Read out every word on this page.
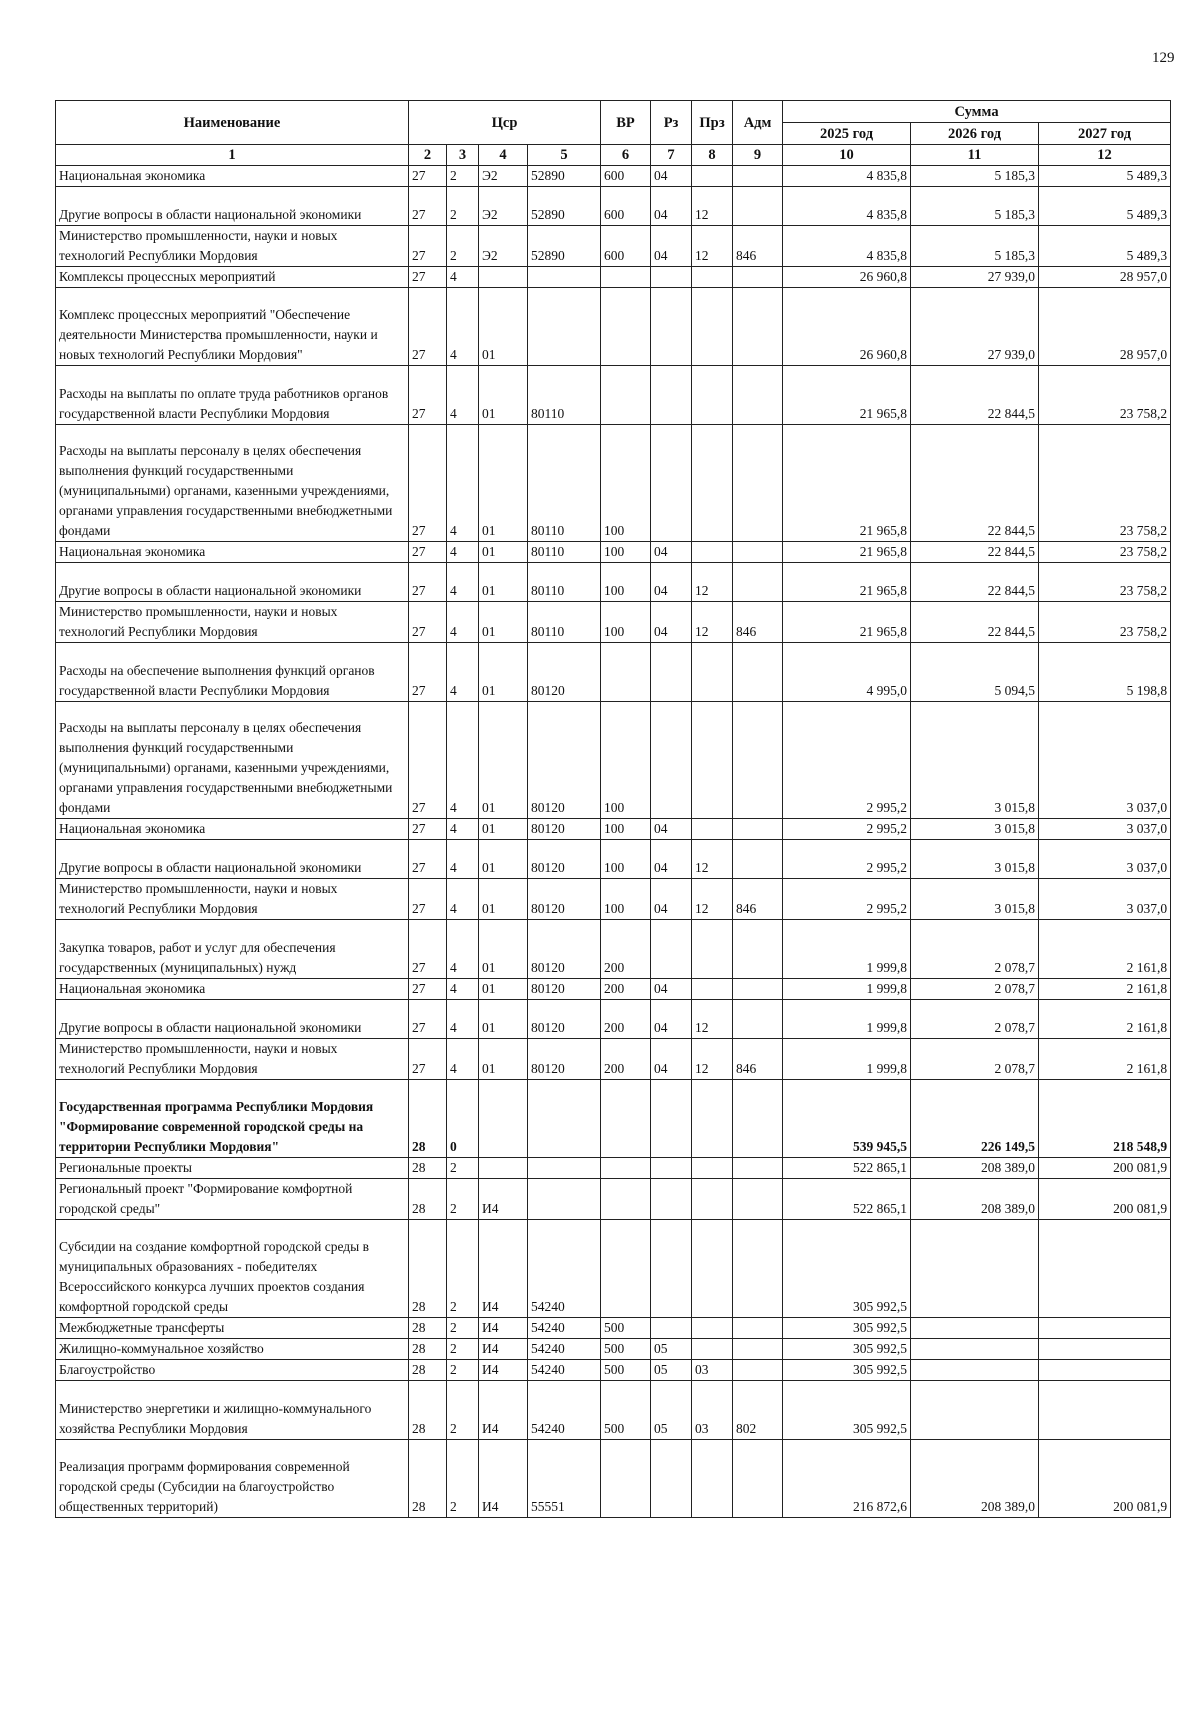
129
Наименование	Цср				ВР	Рз	Прз	Адм	Сумма		
									2025 год	2026 год	2027 год
1	2	3	4	5	6	7	8	9	10	11	12
Национальная экономика	27	2	Э2	52890	600	04			4 835,8	5 185,3	5 489,3
Другие вопросы в области национальной экономики	27	2	Э2	52890	600	04	12		4 835,8	5 185,3	5 489,3
Министерство промышленности, науки и новых технологий Республики Мордовия	27	2	Э2	52890	600	04	12	846	4 835,8	5 185,3	5 489,3
Комплексы процессных мероприятий	27	4							26 960,8	27 939,0	28 957,0
Комплекс процессных мероприятий "Обеспечение деятельности Министерства промышленности, науки и новых технологий Республики Мордовия"	27	4	01						26 960,8	27 939,0	28 957,0
Расходы на выплаты по оплате труда работников органов государственной власти Республики Мордовия	27	4	01	80110					21 965,8	22 844,5	23 758,2
Расходы на выплаты персоналу в целях обеспечения выполнения функций государственными (муниципальными) органами, казенными учреждениями, органами управления государственными внебюджетными фондами	27	4	01	80110	100				21 965,8	22 844,5	23 758,2
Национальная экономика	27	4	01	80110	100	04			21 965,8	22 844,5	23 758,2
Другие вопросы в области национальной экономики	27	4	01	80110	100	04	12		21 965,8	22 844,5	23 758,2
Министерство промышленности, науки и новых технологий Республики Мордовия	27	4	01	80110	100	04	12	846	21 965,8	22 844,5	23 758,2
Расходы на обеспечение выполнения функций органов государственной власти Республики Мордовия	27	4	01	80120					4 995,0	5 094,5	5 198,8
Расходы на выплаты персоналу в целях обеспечения выполнения функций государственными (муниципальными) органами, казенными учреждениями, органами управления государственными внебюджетными фондами	27	4	01	80120	100				2 995,2	3 015,8	3 037,0
Национальная экономика	27	4	01	80120	100	04			2 995,2	3 015,8	3 037,0
Другие вопросы в области национальной экономики	27	4	01	80120	100	04	12		2 995,2	3 015,8	3 037,0
Министерство промышленности, науки и новых технологий Республики Мордовия	27	4	01	80120	100	04	12	846	2 995,2	3 015,8	3 037,0
Закупка товаров, работ и услуг для обеспечения государственных (муниципальных) нужд	27	4	01	80120	200				1 999,8	2 078,7	2 161,8
Национальная экономика	27	4	01	80120	200	04			1 999,8	2 078,7	2 161,8
Другие вопросы в области национальной экономики	27	4	01	80120	200	04	12		1 999,8	2 078,7	2 161,8
Министерство промышленности, науки и новых технологий Республики Мордовия	27	4	01	80120	200	04	12	846	1 999,8	2 078,7	2 161,8
Государственная программа Республики Мордовия "Формирование современной городской среды на территории Республики Мордовия"	28	0							539 945,5	226 149,5	218 548,9
Региональные проекты	28	2							522 865,1	208 389,0	200 081,9
Региональный проект "Формирование комфортной городской среды"	28	2	И4						522 865,1	208 389,0	200 081,9
Субсидии на создание комфортной городской среды в муниципальных образованиях - победителях Всероссийского конкурса лучших проектов создания комфортной городской среды	28	2	И4	54240					305 992,5		
Межбюджетные трансферты	28	2	И4	54240	500				305 992,5		
Жилищно-коммунальное хозяйство	28	2	И4	54240	500	05			305 992,5		
Благоустройство	28	2	И4	54240	500	05	03		305 992,5		
Министерство энергетики и жилищно-коммунального хозяйства Республики Мордовия	28	2	И4	54240	500	05	03	802	305 992,5		
Реализация программ формирования современной городской среды (Субсидии на благоустройство общественных территорий)	28	2	И4	55551					216 872,6	208 389,0	200 081,9
